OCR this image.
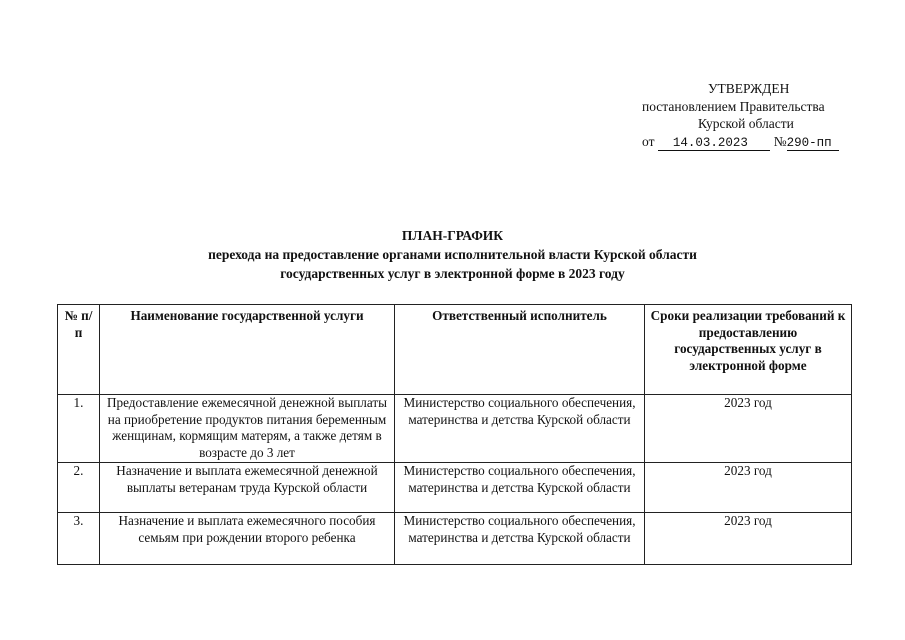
УТВЕРЖДЕН
постановлением Правительства
Курской области
от 14.03.2023 №290-пп
ПЛАН-ГРАФИК
перехода на предоставление органами исполнительной власти Курской области
государственных услуг в электронной форме в 2023 году
№ п/п	Наименование государственной услуги	Ответственный исполнитель	Сроки реализации требований к предоставлению государственных услуг в электронной форме
1.	Предоставление ежемесячной денежной выплаты на приобретение продуктов питания беременным женщинам, кормящим матерям, а также детям в возрасте до 3 лет	Министерство социального обеспечения, материнства и детства Курской области	2023 год
2.	Назначение и выплата ежемесячной денежной выплаты ветеранам труда Курской области	Министерство социального обеспечения, материнства и детства Курской области	2023 год
3.	Назначение и выплата ежемесячного пособия семьям при рождении второго ребенка	Министерство социального обеспечения, материнства и детства Курской области	2023 год
